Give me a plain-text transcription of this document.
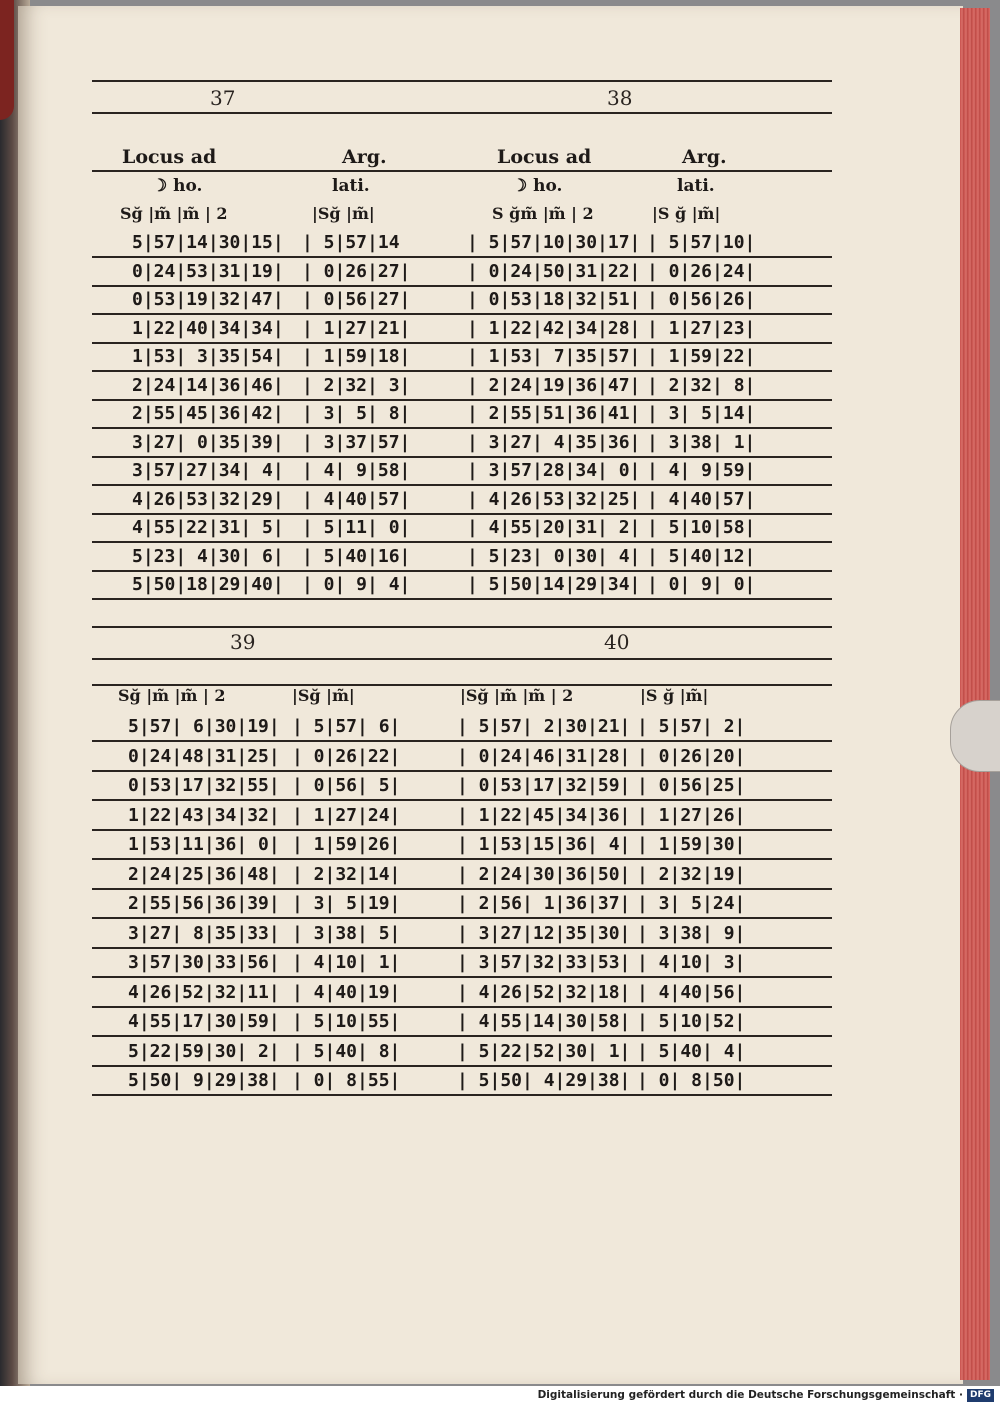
37	38
Locus ad	Arg.	Locus ad	Arg.
☽ ho.	lati.	☽ ho.	lati.
Sğ |m̃ |m̃ | 2	|Sğ |m̃|	S ğm̃ |m̃ | 2	|S ğ |m̃|
5|57|14|30|15| | 5|57|14	| 5|57|10|30|17| | 5|57|10|
0|24|53|31|19| | 0|26|27|	| 0|24|50|31|22| | 0|26|24|
0|53|19|32|47| | 0|56|27|	| 0|53|18|32|51| | 0|56|26|
1|22|40|34|34| | 1|27|21|	| 1|22|42|34|28| | 1|27|23|
1|53| 3|35|54| | 1|59|18|	| 1|53| 7|35|57| | 1|59|22|
2|24|14|36|46| | 2|32| 3|	| 2|24|19|36|47| | 2|32| 8|
2|55|45|36|42| | 3| 5| 8|	| 2|55|51|36|41| | 3| 5|14|
3|27| 0|35|39| | 3|37|57|	| 3|27| 4|35|36| | 3|38| 1|
3|57|27|34| 4| | 4| 9|58|	| 3|57|28|34| 0| | 4| 9|59|
4|26|53|32|29| | 4|40|57|	| 4|26|53|32|25| | 4|40|57|
4|55|22|31| 5| | 5|11| 0|	| 4|55|20|31| 2| | 5|10|58|
5|23| 4|30| 6| | 5|40|16|	| 5|23| 0|30| 4| | 5|40|12|
5|50|18|29|40| | 0| 9| 4|	| 5|50|14|29|34| | 0| 9| 0|
39	40
Sğ |m̃ |m̃ | 2	|Sğ |m̃|	|Sğ |m̃ |m̃ | 2	|S ğ |m̃|
5|57| 6|30|19| | 5|57| 6|	| 5|57| 2|30|21| | 5|57| 2|
0|24|48|31|25| | 0|26|22|	| 0|24|46|31|28| | 0|26|20|
0|53|17|32|55| | 0|56| 5|	| 0|53|17|32|59| | 0|56|25|
1|22|43|34|32| | 1|27|24|	| 1|22|45|34|36| | 1|27|26|
1|53|11|36| 0| | 1|59|26|	| 1|53|15|36| 4| | 1|59|30|
2|24|25|36|48| | 2|32|14|	| 2|24|30|36|50| | 2|32|19|
2|55|56|36|39| | 3| 5|19|	| 2|56| 1|36|37| | 3| 5|24|
3|27| 8|35|33| | 3|38| 5|	| 3|27|12|35|30| | 3|38| 9|
3|57|30|33|56| | 4|10| 1|	| 3|57|32|33|53| | 4|10| 3|
4|26|52|32|11| | 4|40|19|	| 4|26|52|32|18| | 4|40|56|
4|55|17|30|59| | 5|10|55|	| 4|55|14|30|58| | 5|10|52|
5|22|59|30| 2| | 5|40| 8|	| 5|22|52|30| 1| | 5|40| 4|
5|50| 9|29|38| | 0| 8|55|	| 5|50| 4|29|38| | 0| 8|50|
Digitalisierung gefördert durch die Deutsche Forschungsgemeinschaft · DFG
